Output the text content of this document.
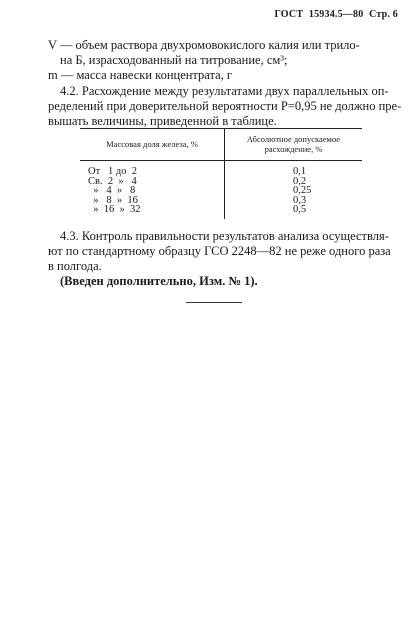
ГОСТ 15934.5—80 Стр. 6
V — объем раствора двухромовокислого калия или трило-
на Б, израсходованный на титрование, см³;
m — масса навески концентрата, г
4.2. Расхождение между результатами двух параллельных оп-
ределений при доверительной вероятности P=0,95 не должно пре-
вышать величины, приведенной в таблице.
Массовая доля железа, %	Абсолютное допускаемое расхождение, %
От   1 до  2	0,1
Св.  2  »   4	0,2
»   4  »   8	0,25
»   8  »  16	0,3
»  16  »  32	0,5
4.3. Контроль правильности результатов анализа осуществля-
ют по стандартному образцу ГСО 2248—82 не реже одного раза
в полгода.
(Введен дополнительно, Изм. № 1).
